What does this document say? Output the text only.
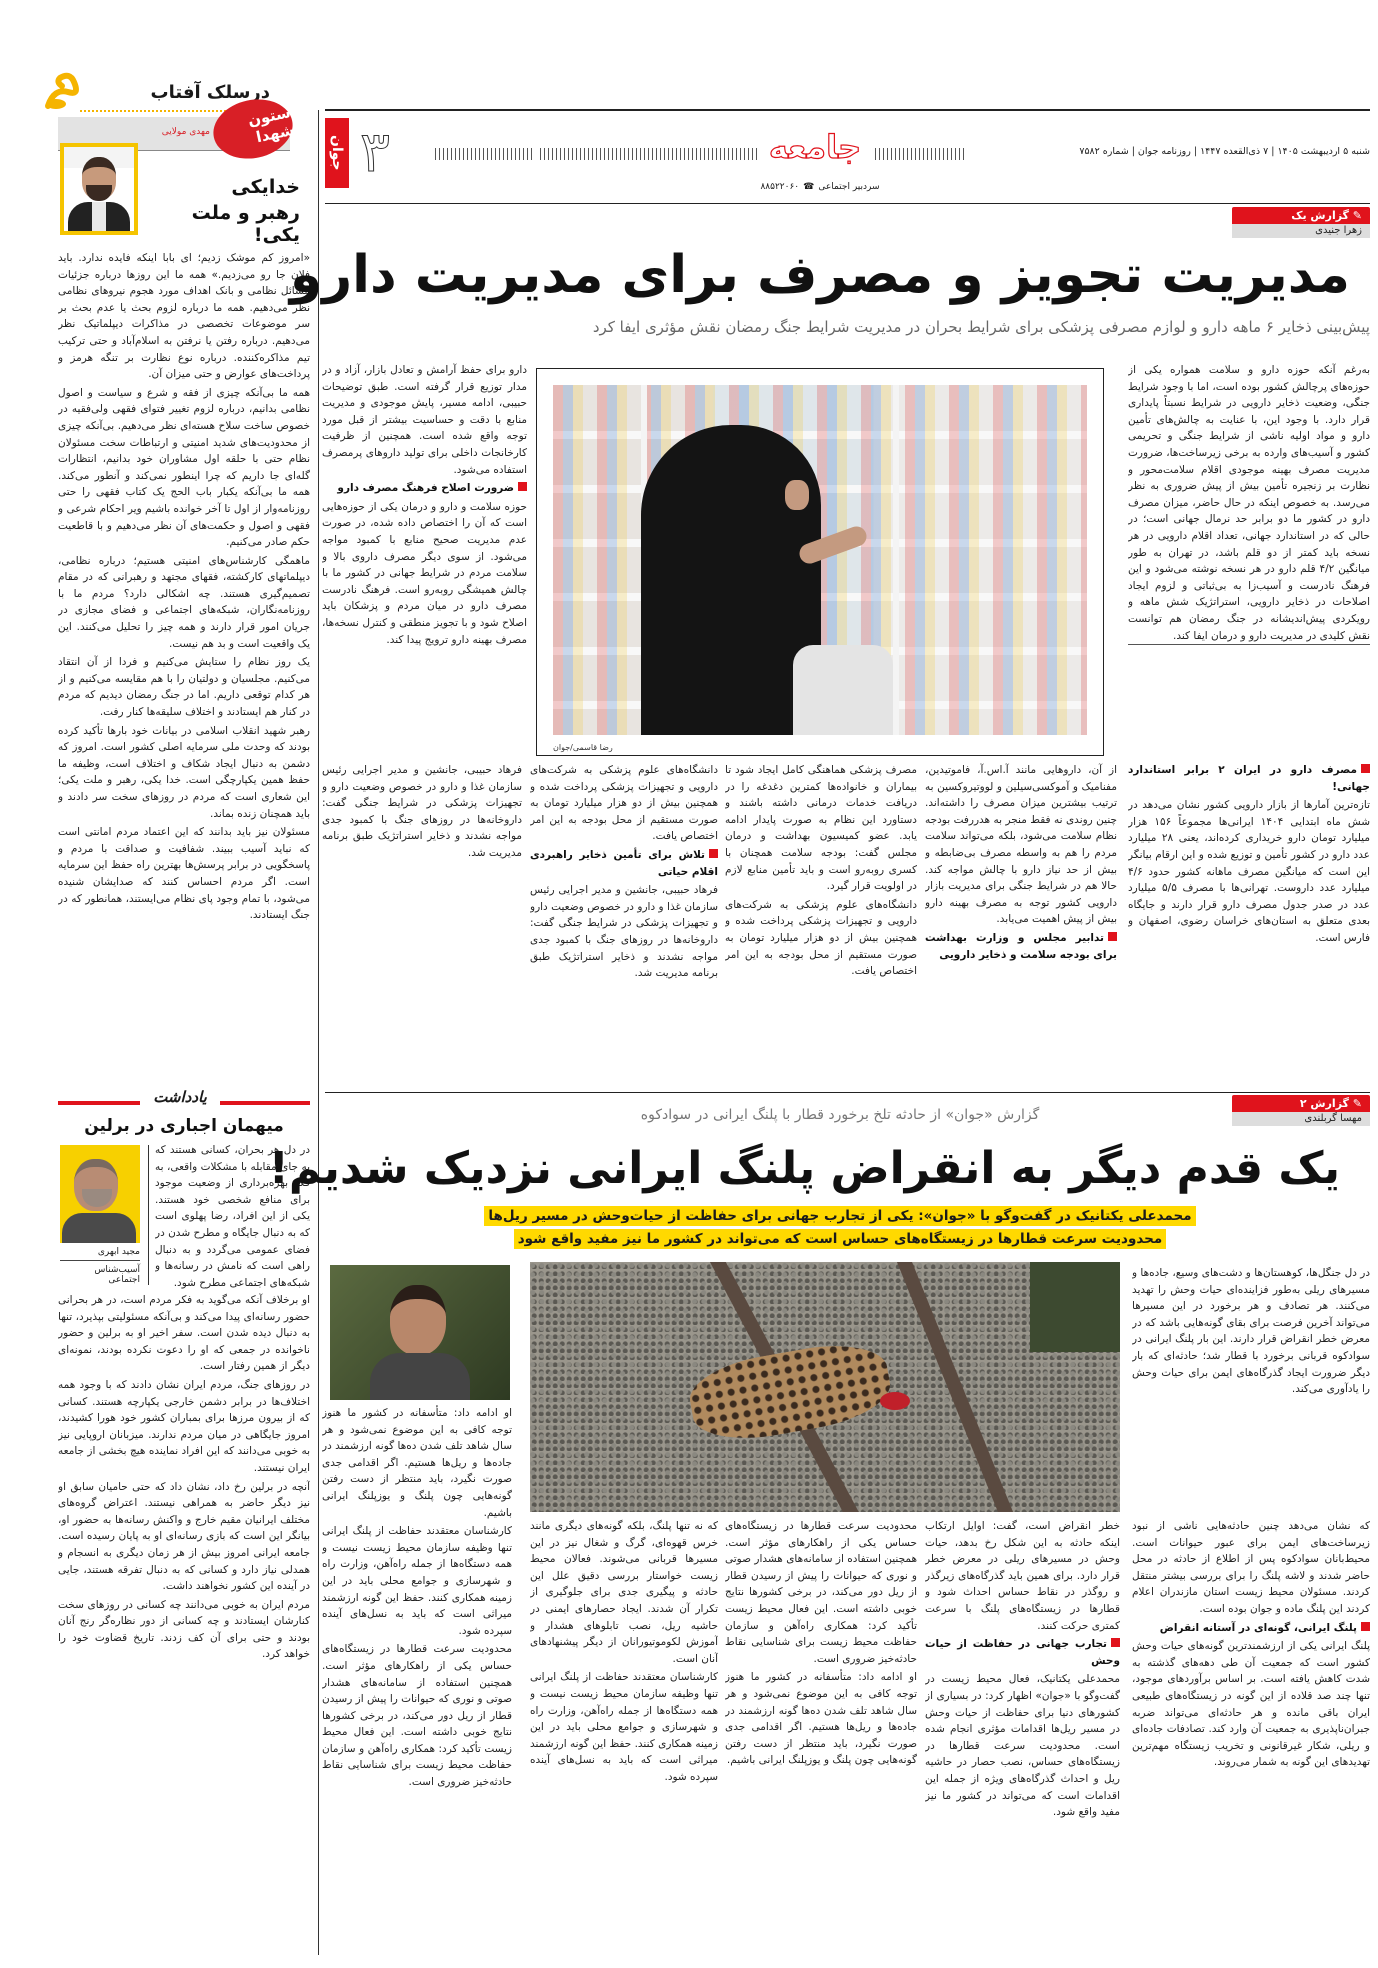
درسلک آفتاب
ستون شهدا
مهدی مولایی
خدایکی
رهبر و ملت یکی!

«امروز کم موشک زدیم؛ ای بابا اینکه فایده ندارد. باید فلان جا رو می‌زدیم.» همه ما این روزها درباره جزئیات مسائل نظامی و بانک اهداف مورد هجوم نیروهای نظامی نظر می‌دهیم. همه ما درباره لزوم بحث یا عدم بحث بر سر موضوعات تخصصی در مذاکرات دیپلماتیک نظر می‌دهیم. درباره رفتن یا نرفتن به اسلام‌آباد و حتی ترکیب تیم مذاکره‌کننده. درباره نوع نظارت بر تنگه هرمز و پرداخت‌های عوارض و حتی میزان آن.

همه ما بی‌آنکه چیزی از فقه و شرع و سیاست و اصول نظامی بدانیم، درباره لزوم تغییر فتوای فقهی ولی‌فقیه در خصوص ساخت سلاح هسته‌ای نظر می‌دهیم. بی‌آنکه چیزی از محدودیت‌های شدید امنیتی و ارتباطات سخت مسئولان نظام حتی با حلقه اول مشاوران خود بدانیم، انتظارات گله‌ای جا داریم که چرا اینطور نمی‌کند و آنطور می‌کند. همه ما بی‌آنکه یکبار باب الحج یک کتاب فقهی را حتی روزنامه‌وار از اول تا آخر خوانده باشیم ویر احکام شرعی و فقهی و اصول و حکمت‌های آن نظر می‌دهیم و با قاطعیت حکم صادر می‌کنیم.

ماهمگی کارشناس‌های امنیتی هستیم؛ درباره نظامی، دیپلماتهای کارکشته، فقهای مجتهد و رهبرانی که در مقام تصمیم‌گیری هستند. چه اشکالی دارد؟ مردم ما با روزنامه‌نگاران، شبکه‌های اجتماعی و فضای مجازی در جریان امور قرار دارند و همه چیز را تحلیل می‌کنند. این یک واقعیت است و بد هم نیست.

یک روز نظام را ستایش می‌کنیم و فردا از آن انتقاد می‌کنیم. مجلسیان و دولتیان را با هم مقایسه می‌کنیم و از هر کدام توقعی داریم. اما در جنگ رمضان دیدیم که مردم در کنار هم ایستادند و اختلاف سلیقه‌ها کنار رفت.

رهبر شهید انقلاب اسلامی در بیانات خود بارها تأکید کرده بودند که وحدت ملی سرمایه اصلی کشور است. امروز که دشمن به دنبال ایجاد شکاف و اختلاف است، وظیفه ما حفظ همین یکپارچگی است. خدا یکی، رهبر و ملت یکی؛ این شعاری است که مردم در روزهای سخت سر دادند و باید همچنان زنده بماند.

مسئولان نیز باید بدانند که این اعتماد مردم امانتی است که نباید آسیب ببیند. شفافیت و صداقت با مردم و پاسخگویی در برابر پرسش‌ها بهترین راه حفظ این سرمایه است. اگر مردم احساس کنند که صدایشان شنیده می‌شود، با تمام وجود پای نظام می‌ایستند، همانطور که در جنگ ایستادند.

یادداشت
میهمان اجباری در برلین
مجید ابهری
آسیب‌شناس اجتماعی
در دل هر بحران، کسانی هستند که به جای مقابله با مشکلات واقعی، به فکر بهره‌برداری از وضعیت موجود برای منافع شخصی خود هستند. یکی از این افراد، رضا پهلوی است که به دنبال جایگاه و مطرح شدن در فضای عمومی می‌گردد و به دنبال راهی است که نامش در رسانه‌ها و شبکه‌های اجتماعی مطرح شود.

او برخلاف آنکه می‌گوید به فکر مردم است، در هر بحرانی حضور رسانه‌ای پیدا می‌کند و بی‌آنکه مسئولیتی بپذیرد، تنها به دنبال دیده شدن است. سفر اخیر او به برلین و حضور ناخوانده در جمعی که او را دعوت نکرده بودند، نمونه‌ای دیگر از همین رفتار است.

در روزهای جنگ، مردم ایران نشان دادند که با وجود همه اختلاف‌ها در برابر دشمن خارجی یکپارچه هستند. کسانی که از بیرون مرزها برای بمباران کشور خود هورا کشیدند، امروز جایگاهی در میان مردم ندارند. میزبانان اروپایی نیز به خوبی می‌دانند که این افراد نماینده هیچ بخشی از جامعه ایران نیستند.

آنچه در برلین رخ داد، نشان داد که حتی حامیان سابق او نیز دیگر حاضر به همراهی نیستند. اعتراض گروه‌های مختلف ایرانیان مقیم خارج و واکنش رسانه‌ها به حضور او، بیانگر این است که بازی رسانه‌ای او به پایان رسیده است. جامعه ایرانی امروز بیش از هر زمان دیگری به انسجام و همدلی نیاز دارد و کسانی که به دنبال تفرقه هستند، جایی در آینده این کشور نخواهند داشت.

مردم ایران به خوبی می‌دانند چه کسانی در روزهای سخت کنارشان ایستادند و چه کسانی از دور نظاره‌گر رنج آنان بودند و حتی برای آن کف زدند. تاریخ قضاوت خود را خواهد کرد.

جوان ۳	جامعه	شنبه ۵ اردیبهشت ۱۴۰۵ | ۷ ذی‌القعده ۱۴۴۷ | روزنامه جوان | شماره ۷۵۸۲
سردبیر اجتماعی
☎
۸۸۵۲۲۰۶۰
✎ گزارش یک
زهرا جنیدی
مدیریت تجویز و مصرف برای مدیریت دارو
پیش‌بینی ذخایر ۶ ماهه دارو و لوازم مصرفی پزشکی برای شرایط بحران در مدیریت شرایط جنگ رمضان نقش مؤثری ایفا کرد
رضا قاسمی/جوان

به‌رغم آنکه حوزه دارو و سلامت همواره یکی از حوزه‌های پرچالش کشور بوده است، اما با وجود شرایط جنگی، وضعیت ذخایر دارویی در شرایط نسبتاً پایداری قرار دارد. با وجود این، با عنایت به چالش‌های تأمین دارو و مواد اولیه ناشی از شرایط جنگی و تحریمی کشور و آسیب‌های وارده به برخی زیرساخت‌ها، ضرورت مدیریت مصرف بهینه موجودی اقلام سلامت‌محور و نظارت بر زنجیره تأمین بیش از پیش ضروری به نظر می‌رسد. به خصوص اینکه در حال حاضر، میزان مصرف دارو در کشور ما دو برابر حد نرمال جهانی است؛ در حالی که در استاندارد جهانی، تعداد اقلام دارویی در هر نسخه باید کمتر از دو قلم باشد، در تهران به طور میانگین ۴/۲ قلم دارو در هر نسخه نوشته می‌شود و این فرهنگ نادرست و آسیب‌زا به بی‌ثباتی و لزوم ایجاد اصلاحات در ذخایر دارویی، استراتژیک شش ماهه و رویکردی پیش‌اندیشانه در جنگ رمضان هم توانست نقش کلیدی در مدیریت دارو و درمان ایفا کند.

دارو برای حفظ آرامش و تعادل بازار، آزاد و در مدار توزیع قرار گرفته است. طبق توضیحات حبیبی، ادامه مسیر، پایش موجودی و مدیریت منابع با دقت و حساسیت بیشتر از قبل مورد توجه واقع شده است. همچنین از ظرفیت کارخانجات داخلی برای تولید داروهای پرمصرف استفاده می‌شود.

ضرورت اصلاح فرهنگ مصرف دارو

حوزه سلامت و دارو و درمان یکی از حوزه‌هایی است که آن را اختصاص داده شده، در صورت عدم مدیریت صحیح منابع با کمبود مواجه می‌شود. از سوی دیگر مصرف داروی بالا و سلامت مردم در شرایط جهانی در کشور ما با چالش همیشگی روبه‌رو است. فرهنگ نادرست مصرف دارو در میان مردم و پزشکان باید اصلاح شود و با تجویز منطقی و کنترل نسخه‌ها، مصرف بهینه دارو ترویج پیدا کند.

مصرف دارو در ایران ۲ برابر استاندارد جهانی!

تازه‌ترین آمارها از بازار دارویی کشور نشان می‌دهد در شش ماه ابتدایی ۱۴۰۴ ایرانی‌ها مجموعاً ۱۵۶ هزار میلیارد تومان دارو خریداری کرده‌اند، یعنی ۲۸ میلیارد عدد دارو در کشور تأمین و توزیع شده و این ارقام بیانگر این است که میانگین مصرف ماهانه کشور حدود ۴/۶ میلیارد عدد داروست. تهرانی‌ها با مصرف ۵/۵ میلیارد عدد در صدر جدول مصرف دارو قرار دارند و جایگاه بعدی متعلق به استان‌های خراسان رضوی، اصفهان و فارس است.

از آن، داروهایی مانند آ.اس.آ، فاموتیدین، مفنامیک و آموکسی‌سیلین و لووتیروکسین به ترتیب بیشترین میزان مصرف را داشته‌اند. چنین روندی نه فقط منجر به هدررفت بودجه نظام سلامت می‌شود، بلکه می‌تواند سلامت مردم را هم به واسطه مصرف بی‌ضابطه و بیش از حد نیاز دارو با چالش مواجه کند. حالا هم در شرایط جنگی برای مدیریت بازار دارویی کشور توجه به مصرف بهینه دارو بیش از پیش اهمیت می‌یابد.

تدابیر مجلس و وزارت بهداشت برای بودجه سلامت و ذخایر دارویی

مصرف پزشکی هماهنگی کامل ایجاد شود تا بیماران و خانواده‌ها کمترین دغدغه را در دریافت خدمات درمانی داشته باشند و دستاورد این نظام به صورت پایدار ادامه یابد. عضو کمیسیون بهداشت و درمان مجلس گفت: بودجه سلامت همچنان با کسری روبه‌رو است و باید تأمین منابع لازم در اولویت قرار گیرد.

دانشگاه‌های علوم پزشکی به شرکت‌های دارویی و تجهیزات پزشکی پرداخت شده و همچنین بیش از دو هزار میلیارد تومان به صورت مستقیم از محل بودجه به این امر اختصاص یافت.

دانشگاه‌های علوم پزشکی به شرکت‌های دارویی و تجهیزات پزشکی پرداخت شده و همچنین بیش از دو هزار میلیارد تومان به صورت مستقیم از محل بودجه به این امر اختصاص یافت.

تلاش برای تأمین ذخایر راهبردی اقلام حیاتی

فرهاد حبیبی، جانشین و مدیر اجرایی رئیس سازمان غذا و دارو در خصوص وضعیت دارو و تجهیزات پزشکی در شرایط جنگی گفت: داروخانه‌ها در روزهای جنگ با کمبود جدی مواجه نشدند و ذخایر استراتژیک طبق برنامه مدیریت شد.

فرهاد حبیبی، جانشین و مدیر اجرایی رئیس سازمان غذا و دارو در خصوص وضعیت دارو و تجهیزات پزشکی در شرایط جنگی گفت: داروخانه‌ها در روزهای جنگ با کمبود جدی مواجه نشدند و ذخایر استراتژیک طبق برنامه مدیریت شد.

✎ گزارش ۲
مهسا گربلندی
گزارش «جوان» از حادثه تلخ برخورد قطار با پلنگ ایرانی در سوادکوه
یک قدم دیگر به انقراض پلنگ ایرانی نزدیک شدیم!
محمدعلی یکتانیک در گفت‌وگو با «جوان»: یکی از تجارب جهانی برای حفاظت از حیات‌وحش در مسیر ریل‌ها
محدودیت سرعت قطارها در زیستگاه‌های حساس است که می‌تواند در کشور ما نیز مفید واقع شود

در دل جنگل‌ها، کوهستان‌ها و دشت‌های وسیع، جاده‌ها و مسیرهای ریلی به‌طور فزاینده‌ای حیات وحش را تهدید می‌کنند. هر تصادف و هر برخورد در این مسیرها می‌تواند آخرین فرصت برای بقای گونه‌هایی باشد که در معرض خطر انقراض قرار دارند. این بار پلنگ ایرانی در سوادکوه قربانی برخورد با قطار شد؛ حادثه‌ای که بار دیگر ضرورت ایجاد گذرگاه‌های ایمن برای حیات وحش را یادآوری می‌کند.

که نشان می‌دهد چنین حادثه‌هایی ناشی از نبود زیرساخت‌های ایمن برای عبور حیوانات است. محیط‌بانان سوادکوه پس از اطلاع از حادثه در محل حاضر شدند و لاشه پلنگ را برای بررسی بیشتر منتقل کردند. مسئولان محیط زیست استان مازندران اعلام کردند این پلنگ ماده و جوان بوده است.

پلنگ ایرانی، گونه‌ای در آستانه انقراض

پلنگ ایرانی یکی از ارزشمندترین گونه‌های حیات وحش کشور است که جمعیت آن طی دهه‌های گذشته به شدت کاهش یافته است. بر اساس برآوردهای موجود، تنها چند صد قلاده از این گونه در زیستگاه‌های طبیعی ایران باقی مانده و هر حادثه‌ای می‌تواند ضربه جبران‌ناپذیری به جمعیت آن وارد کند. تصادفات جاده‌ای و ریلی، شکار غیرقانونی و تخریب زیستگاه مهم‌ترین تهدیدهای این گونه به شمار می‌روند.

خطر انقراض است، گفت: اوایل ارتکاب اینکه حادثه به این شکل رخ بدهد، حیات وحش در مسیرهای ریلی در معرض خطر قرار دارد. برای همین باید گذرگاه‌های زیرگذر و روگذر در نقاط حساس احداث شود و قطارها در زیستگاه‌های پلنگ با سرعت کمتری حرکت کنند.

تجارب جهانی در حفاظت از حیات وحش

محمدعلی یکتانیک، فعال محیط زیست در گفت‌وگو با «جوان» اظهار کرد: در بسیاری از کشورهای دنیا برای حفاظت از حیات وحش در مسیر ریل‌ها اقدامات مؤثری انجام شده است. محدودیت سرعت قطارها در زیستگاه‌های حساس، نصب حصار در حاشیه ریل و احداث گذرگاه‌های ویژه از جمله این اقدامات است که می‌تواند در کشور ما نیز مفید واقع شود.

محدودیت سرعت قطارها در زیستگاه‌های حساس یکی از راهکارهای مؤثر است. همچنین استفاده از سامانه‌های هشدار صوتی و نوری که حیوانات را پیش از رسیدن قطار از ریل دور می‌کند، در برخی کشورها نتایج خوبی داشته است. این فعال محیط زیست تأکید کرد: همکاری راه‌آهن و سازمان حفاظت محیط زیست برای شناسایی نقاط حادثه‌خیز ضروری است.

او ادامه داد: متأسفانه در کشور ما هنوز توجه کافی به این موضوع نمی‌شود و هر سال شاهد تلف شدن ده‌ها گونه ارزشمند در جاده‌ها و ریل‌ها هستیم. اگر اقدامی جدی صورت نگیرد، باید منتظر از دست رفتن گونه‌هایی چون پلنگ و یوزپلنگ ایرانی باشیم.

که نه تنها پلنگ، بلکه گونه‌های دیگری مانند خرس قهوه‌ای، گرگ و شغال نیز در این مسیرها قربانی می‌شوند. فعالان محیط زیست خواستار بررسی دقیق علل این حادثه و پیگیری جدی برای جلوگیری از تکرار آن شدند. ایجاد حصارهای ایمنی در حاشیه ریل، نصب تابلوهای هشدار و آموزش لکوموتیورانان از دیگر پیشنهادهای آنان است.

کارشناسان معتقدند حفاظت از پلنگ ایرانی تنها وظیفه سازمان محیط زیست نیست و همه دستگاه‌ها از جمله راه‌آهن، وزارت راه و شهرسازی و جوامع محلی باید در این زمینه همکاری کنند. حفظ این گونه ارزشمند میراثی است که باید به نسل‌های آینده سپرده شود.

او ادامه داد: متأسفانه در کشور ما هنوز توجه کافی به این موضوع نمی‌شود و هر سال شاهد تلف شدن ده‌ها گونه ارزشمند در جاده‌ها و ریل‌ها هستیم. اگر اقدامی جدی صورت نگیرد، باید منتظر از دست رفتن گونه‌هایی چون پلنگ و یوزپلنگ ایرانی باشیم.

کارشناسان معتقدند حفاظت از پلنگ ایرانی تنها وظیفه سازمان محیط زیست نیست و همه دستگاه‌ها از جمله راه‌آهن، وزارت راه و شهرسازی و جوامع محلی باید در این زمینه همکاری کنند. حفظ این گونه ارزشمند میراثی است که باید به نسل‌های آینده سپرده شود.

محدودیت سرعت قطارها در زیستگاه‌های حساس یکی از راهکارهای مؤثر است. همچنین استفاده از سامانه‌های هشدار صوتی و نوری که حیوانات را پیش از رسیدن قطار از ریل دور می‌کند، در برخی کشورها نتایج خوبی داشته است. این فعال محیط زیست تأکید کرد: همکاری راه‌آهن و سازمان حفاظت محیط زیست برای شناسایی نقاط حادثه‌خیز ضروری است.
